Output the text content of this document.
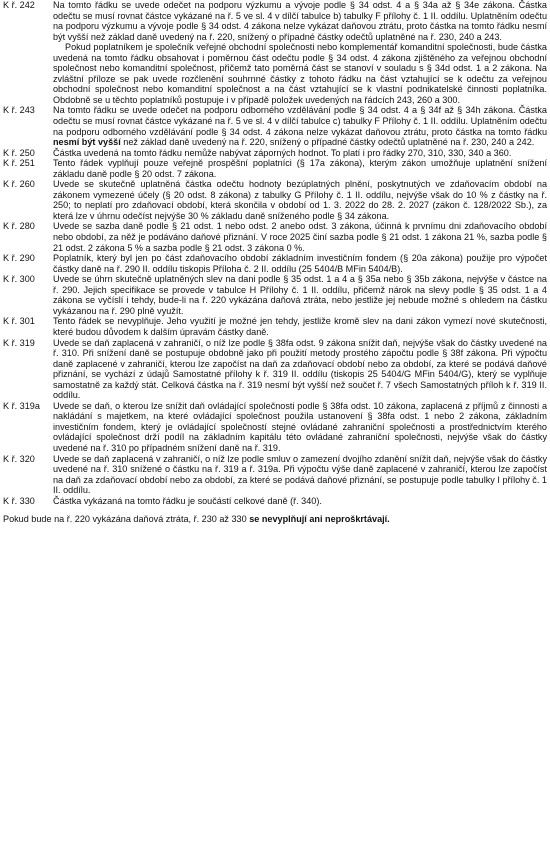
K ř. 242	Na tomto řádku se uvede odečet na podporu výzkumu a vývoje podle § 34 odst. 4 a § 34a až § 34e zákona. Částka odečtu se musí rovnat částce vykázané na ř. 5 ve sl. 4 v dílčí tabulce b) tabulky F přílohy č. 1 II. oddílu. Uplatněním odečtu na podporu výzkumu a vývoje podle § 34 odst. 4 zákona nelze vykázat daňovou ztrátu, proto částka na tomto řádku nesmí být vyšší než základ daně uvedený na ř. 220, snížený o případné částky odečtů uplatněné na ř. 230, 240 a 243.

Pokud poplatníkem je společník veřejné obchodní společnosti nebo komplementář komanditní společnosti, bude částka uvedená na tomto řádku obsahovat i poměrnou část odečtu podle § 34 odst. 4 zákona zjištěného za veřejnou obchodní společnost nebo komanditní společnost, přičemž tato poměrná část se stanoví v souladu s § 34d odst. 1 a 2 zákona. Na zvláštní příloze se pak uvede rozčlenění souhrnné částky z tohoto řádku na část vztahující se k odečtu za veřejnou obchodní společnost nebo komanditní společnost a na část vztahující se k vlastní podnikatelské činnosti poplatníka. Obdobně se u těchto poplatníků postupuje i v případě položek uvedených na řádcích 243, 260 a 300.

K ř. 243	Na tomto řádku se uvede odečet na podporu odborného vzdělávání podle § 34 odst. 4 a § 34f až § 34h zákona. Částka odečtu se musí rovnat částce vykázané na ř. 5 ve sl. 4 v dílčí tabulce c) tabulky F Přílohy č. 1 II. oddílu. Uplatněním odečtu na podporu odborného vzdělávání podle § 34 odst. 4 zákona nelze vykázat daňovou ztrátu, proto částka na tomto řádku nesmí být vyšší než základ daně uvedený na ř. 220, snížený o případné částky odečtů uplatněné na ř. 230, 240 a 242.

K ř. 250	Částka uvedená na tomto řádku nemůže nabývat záporných hodnot. To platí i pro řádky 270, 310, 330, 340 a 360.

K ř. 251	Tento řádek vyplňují pouze veřejně prospěšní poplatníci (§ 17a zákona), kterým zákon umožňuje uplatnění snížení základu daně podle § 20 odst. 7 zákona.

K ř. 260	Uvede se skutečně uplatněná částka odečtu hodnoty bezúplatných plnění, poskytnutých ve zdaňovacím období na zákonem vymezené účely (§ 20 odst. 8 zákona) z tabulky G Přílohy č. 1 II. oddílu, nejvýše však do 10 % z částky na ř. 250; to neplatí pro zdaňovací období, která skončila v období od 1. 3. 2022 do 28. 2. 2027 (zákon č. 128/2022 Sb.), za která lze v úhrnu odečíst nejvýše 30 % základu daně sníženého podle § 34 zákona.

K ř. 280	Uvede se sazba daně podle § 21 odst. 1 nebo odst. 2 anebo odst. 3 zákona, účinná k prvnímu dni zdaňovacího období nebo období, za něž je podáváno daňové přiznání. V roce 2025 činí sazba podle § 21 odst. 1 zákona 21 %, sazba podle § 21 odst. 2 zákona 5 % a sazba podle § 21 odst. 3 zákona 0 %.

K ř. 290	Poplatník, který byl jen po část zdaňovacího období základním investičním fondem (§ 20a zákona) použije pro výpočet částky daně na ř. 290 II. oddílu tiskopis Příloha č. 2 II. oddílu (25 5404/B MFin 5404/B).

K ř. 300	Uvede se úhrn skutečně uplatněných slev na dani podle § 35 odst. 1 a 4 a § 35a nebo § 35b zákona, nejvýše v částce na ř. 290. Jejich specifikace se provede v tabulce H Přílohy č. 1 II. oddílu, přičemž nárok na slevy podle § 35 odst. 1 a 4 zákona se vyčíslí i tehdy, bude-li na ř. 220 vykázána daňová ztráta, nebo jestliže jej nebude možné s ohledem na částku vykázanou na ř. 290 plně využít.

K ř. 301	Tento řádek se nevyplňuje. Jeho využití je možné jen tehdy, jestliže kromě slev na dani zákon vymezí nové skutečnosti, které budou důvodem k dalším úpravám částky daně.

K ř. 319	Uvede se daň zaplacená v zahraničí, o níž lze podle § 38fa odst. 9 zákona snížit daň, nejvýše však do částky uvedené na ř. 310. Při snížení daně se postupuje obdobně jako při použití metody prostého zápočtu podle § 38f zákona. Při výpočtu daně zaplacené v zahraničí, kterou lze započíst na daň za zdaňovací období nebo za období, za které se podává daňové přiznání, se vychází z údajů Samostatné přílohy k ř. 319 II. oddílu (tiskopis 25 5404/G MFin 5404/G), který se vyplňuje samostatně za každý stát. Celková částka na ř. 319 nesmí být vyšší než součet ř. 7 všech Samostatných příloh k ř. 319 II. oddílu.

K ř. 319a	Uvede se daň, o kterou lze snížit daň ovládající společnosti podle § 38fa odst. 10 zákona, zaplacená z příjmů z činnosti a nakládání s majetkem, na které ovládající společnost použila ustanovení § 38fa odst. 1 nebo 2 zákona, základním investičním fondem, který je ovládající společností stejné ovládané zahraniční společnosti a prostřednictvím kterého ovládající společnost drží podíl na základním kapitálu této ovládané zahraniční společnosti, nejvýše však do částky uvedené na ř. 310 po případném snížení daně na ř. 319.

K ř. 320	Uvede se daň zaplacená v zahraničí, o níž lze podle smluv o zamezení dvojího zdanění snížit daň, nejvýše však do částky uvedené na ř. 310 snížené o částku na ř. 319 a ř. 319a. Při výpočtu výše daně zaplacené v zahraničí, kterou lze započíst na daň za zdaňovací období nebo za období, za které se podává daňové přiznání, se postupuje podle tabulky I přílohy č. 1 II. oddílu.

K ř. 330	Částka vykázaná na tomto řádku je součástí celkové daně (ř. 340).

Pokud bude na ř. 220 vykázána daňová ztráta, ř. 230 až 330 se nevyplňují ani neproškrtávají.
